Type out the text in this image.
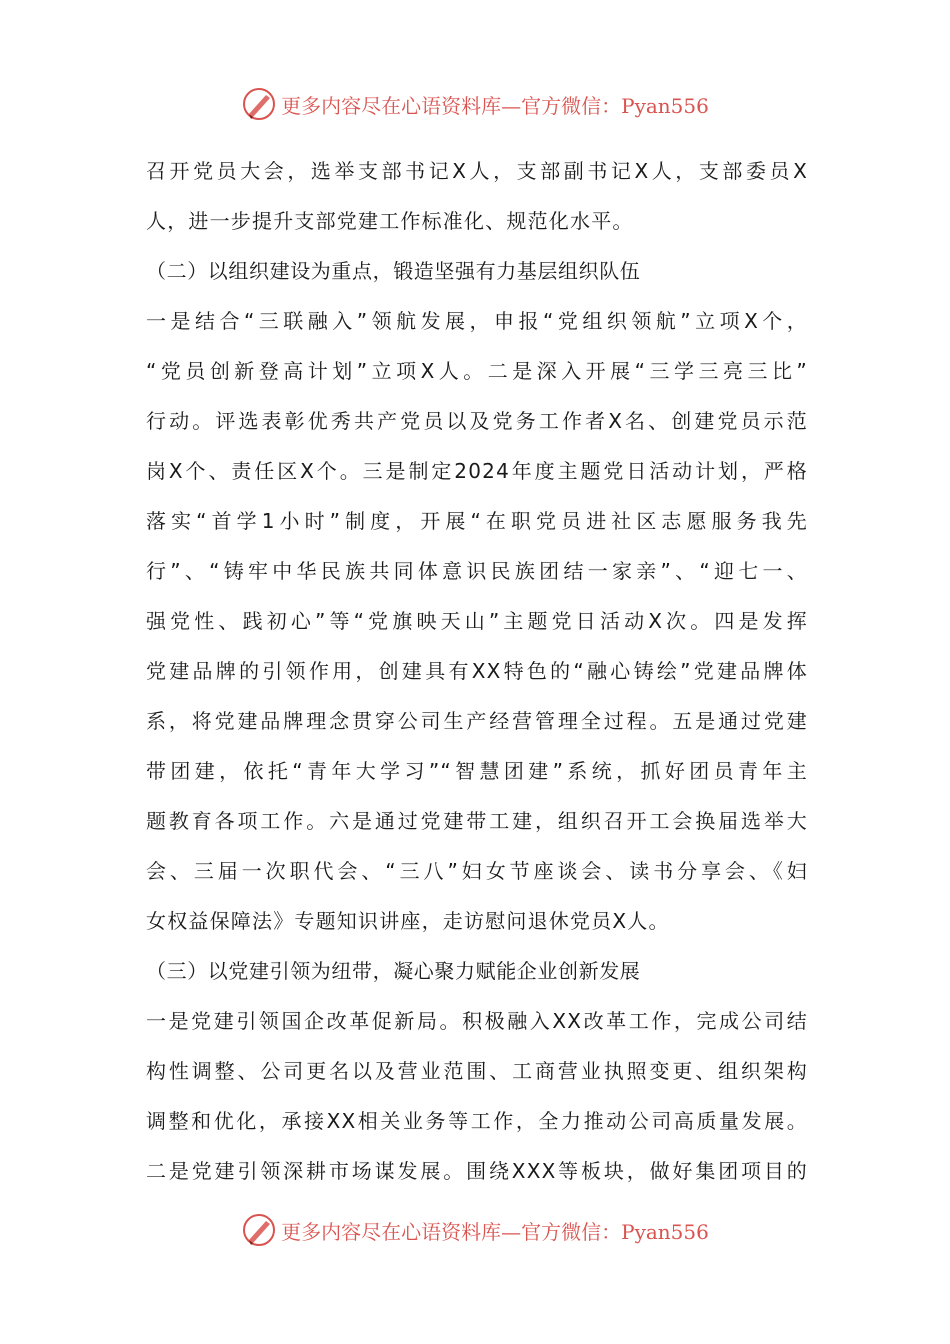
更多内容尽在心语资料库—官方微信：Pyan556
召开党员大会，选举支部书记X人，支部副书记X人，支部委员X
人，进一步提升支部党建工作标准化、规范化水平。
（二）以组织建设为重点，锻造坚强有力基层组织队伍
一是结合“三联融入”领航发展，申报“党组织领航”立项X个，
“党员创新登高计划”立项X人。二是深入开展“三学三亮三比”
行动。评选表彰优秀共产党员以及党务工作者X名、创建党员示范
岗X个、责任区X个。三是制定2024年度主题党日活动计划，严格
落实“首学1小时”制度，开展“在职党员进社区志愿服务我先
行”、“铸牢中华民族共同体意识民族团结一家亲”、“迎七一、
强党性、践初心”等“党旗映天山”主题党日活动X次。四是发挥
党建品牌的引领作用，创建具有XX特色的“融心铸绘”党建品牌体
系，将党建品牌理念贯穿公司生产经营管理全过程。五是通过党建
带团建，依托“青年大学习”“智慧团建”系统，抓好团员青年主
题教育各项工作。六是通过党建带工建，组织召开工会换届选举大
会、三届一次职代会、“三八”妇女节座谈会、读书分享会、《妇
女权益保障法》专题知识讲座，走访慰问退休党员X人。
（三）以党建引领为纽带，凝心聚力赋能企业创新发展
一是党建引领国企改革促新局。积极融入XX改革工作，完成公司结
构性调整、公司更名以及营业范围、工商营业执照变更、组织架构
调整和优化，承接XX相关业务等工作，全力推动公司高质量发展。
二是党建引领深耕市场谋发展。围绕XXX等板块，做好集团项目的
更多内容尽在心语资料库—官方微信：Pyan556
